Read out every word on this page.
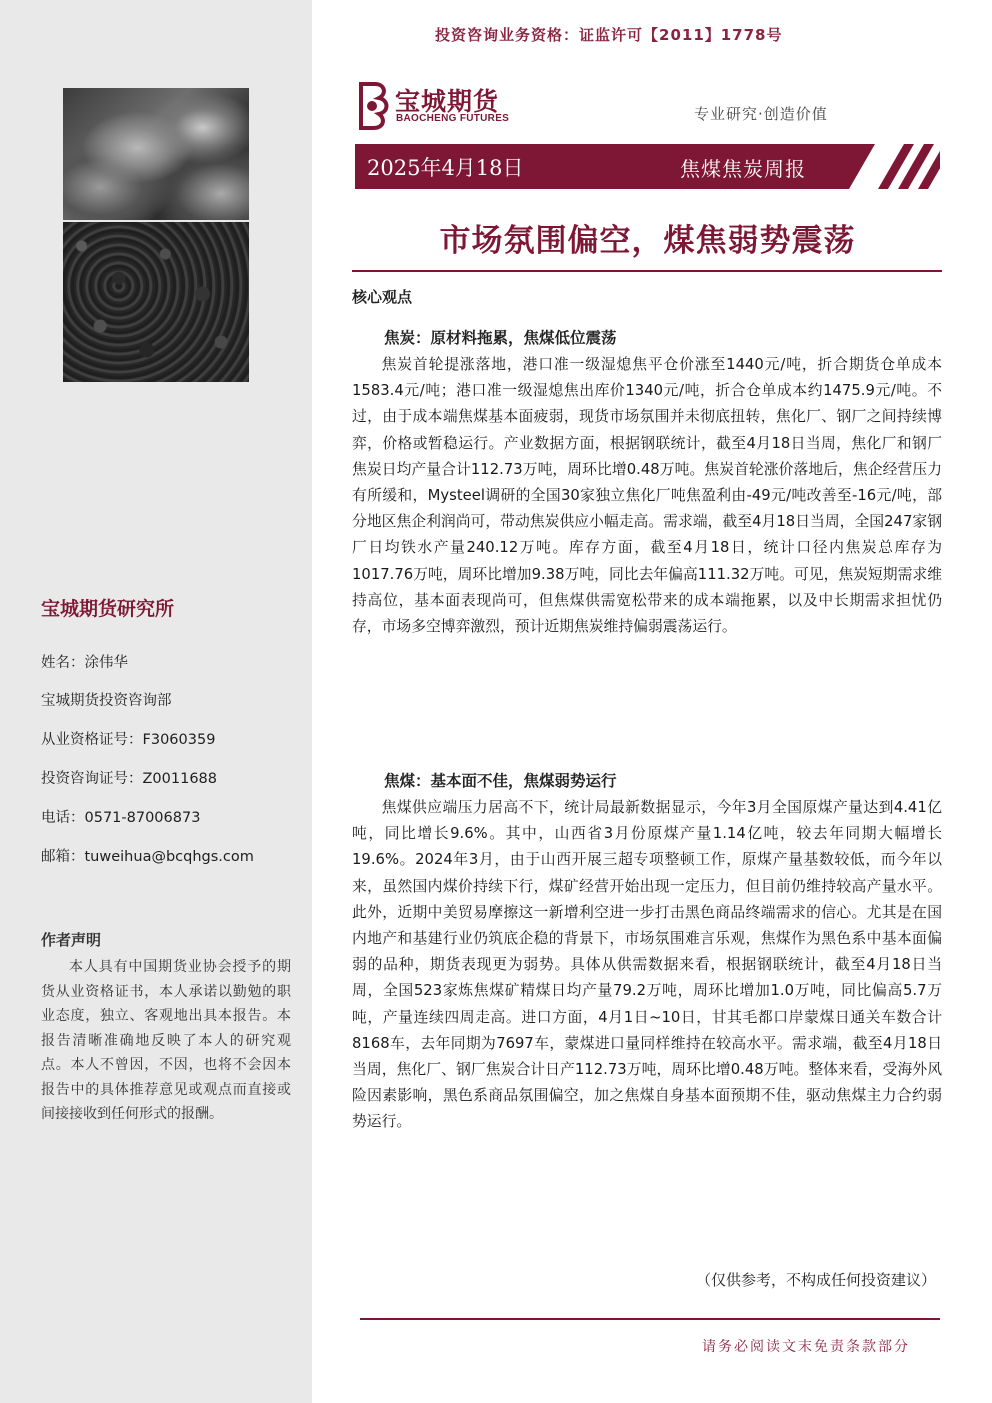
宝城期货研究所

姓名：涂伟华

宝城期货投资咨询部

从业资格证号：F3060359

投资咨询证号：Z0011688

电话：0571-87006873

邮箱：tuweihua@bcqhgs.com

作者声明

本人具有中国期货业协会授予的期货从业资格证书，本人承诺以勤勉的职业态度，独立、客观地出具本报告。本报告清晰准确地反映了本人的研究观点。本人不曾因，不因，也将不会因本报告中的具体推荐意见或观点而直接或间接接收到任何形式的报酬。

投资咨询业务资格：证监许可【2011】1778号

宝城期货
BAOCHENG FUTURES	专业研究·创造价值

2025年4月18日	焦煤焦炭周报
市场氛围偏空，煤焦弱势震荡
核心观点
焦炭：原材料拖累，焦煤低位震荡

焦炭首轮提涨落地，港口准一级湿熄焦平仓价涨至1440元/吨，折合期货仓单成本1583.4元/吨；港口准一级湿熄焦出库价1340元/吨，折合仓单成本约1475.9元/吨。不过，由于成本端焦煤基本面疲弱，现货市场氛围并未彻底扭转，焦化厂、钢厂之间持续博弈，价格或暂稳运行。产业数据方面，根据钢联统计，截至4月18日当周，焦化厂和钢厂焦炭日均产量合计112.73万吨，周环比增0.48万吨。焦炭首轮涨价落地后，焦企经营压力有所缓和，Mysteel调研的全国30家独立焦化厂吨焦盈利由-49元/吨改善至-16元/吨，部分地区焦企利润尚可，带动焦炭供应小幅走高。需求端，截至4月18日当周，全国247家钢厂日均铁水产量240.12万吨。库存方面，截至4月18日，统计口径内焦炭总库存为1017.76万吨，周环比增加9.38万吨，同比去年偏高111.32万吨。可见，焦炭短期需求维持高位，基本面表现尚可，但焦煤供需宽松带来的成本端拖累，以及中长期需求担忧仍存，市场多空博弈激烈，预计近期焦炭维持偏弱震荡运行。

焦煤：基本面不佳，焦煤弱势运行

焦煤供应端压力居高不下，统计局最新数据显示，今年3月全国原煤产量达到4.41亿吨，同比增长9.6%。其中，山西省3月份原煤产量1.14亿吨，较去年同期大幅增长19.6%。2024年3月，由于山西开展三超专项整顿工作，原煤产量基数较低，而今年以来，虽然国内煤价持续下行，煤矿经营开始出现一定压力，但目前仍维持较高产量水平。此外，近期中美贸易摩擦这一新增利空进一步打击黑色商品终端需求的信心。尤其是在国内地产和基建行业仍筑底企稳的背景下，市场氛围难言乐观，焦煤作为黑色系中基本面偏弱的品种，期货表现更为弱势。具体从供需数据来看，根据钢联统计，截至4月18日当周，全国523家炼焦煤矿精煤日均产量79.2万吨，周环比增加1.0万吨，同比偏高5.7万吨，产量连续四周走高。进口方面，4月1日~10日，甘其毛都口岸蒙煤日通关车数合计8168车，去年同期为7697车，蒙煤进口量同样维持在较高水平。需求端，截至4月18日当周，焦化厂、钢厂焦炭合计日产112.73万吨，周环比增0.48万吨。整体来看，受海外风险因素影响，黑色系商品氛围偏空，加之焦煤自身基本面预期不佳，驱动焦煤主力合约弱势运行。

（仅供参考，不构成任何投资建议）

请务必阅读文末免责条款部分
